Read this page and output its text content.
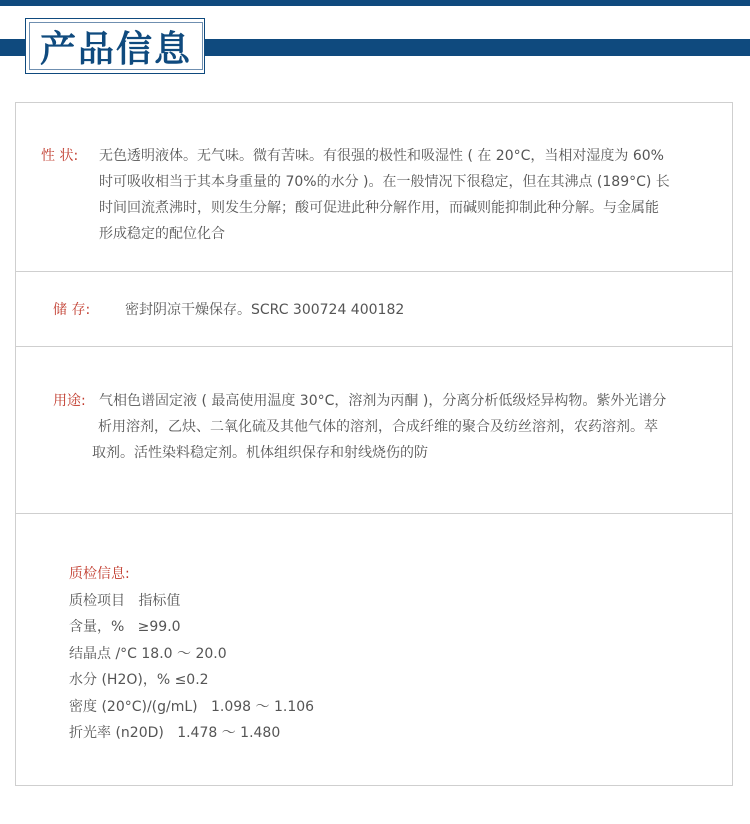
产品信息
性 状: 无色透明液体。无气味。微有苦味。有很强的极性和吸湿性 ( 在 20°C，当相对湿度为 60%
时可吸收相当于其本身重量的 70%的水分 )。在一般情况下很稳定，但在其沸点 (189°C) 长
时间回流煮沸时，则发生分解；酸可促进此种分解作用，而碱则能抑制此种分解。与金属能
形成稳定的配位化合
储 存: 密封阴凉干燥保存。SCRC 300724 400182
用途: 气相色谱固定液 ( 最高使用温度 30°C，溶剂为丙酮 )，分离分析低级烃异构物。紫外光谱分
析用溶剂，乙炔、二氧化硫及其他气体的溶剂，合成纤维的聚合及纺丝溶剂，农药溶剂。萃
取剂。活性染料稳定剂。机体组织保存和射线烧伤的防
质检信息:
质检项目   指标值
含量，%   ≥99.0
结晶点 /°C 18.0 ～ 20.0
水分 (H2O)，% ≤0.2
密度 (20°C)/(g/mL)   1.098 ～ 1.106
折光率 (n20D)   1.478 ～ 1.480
